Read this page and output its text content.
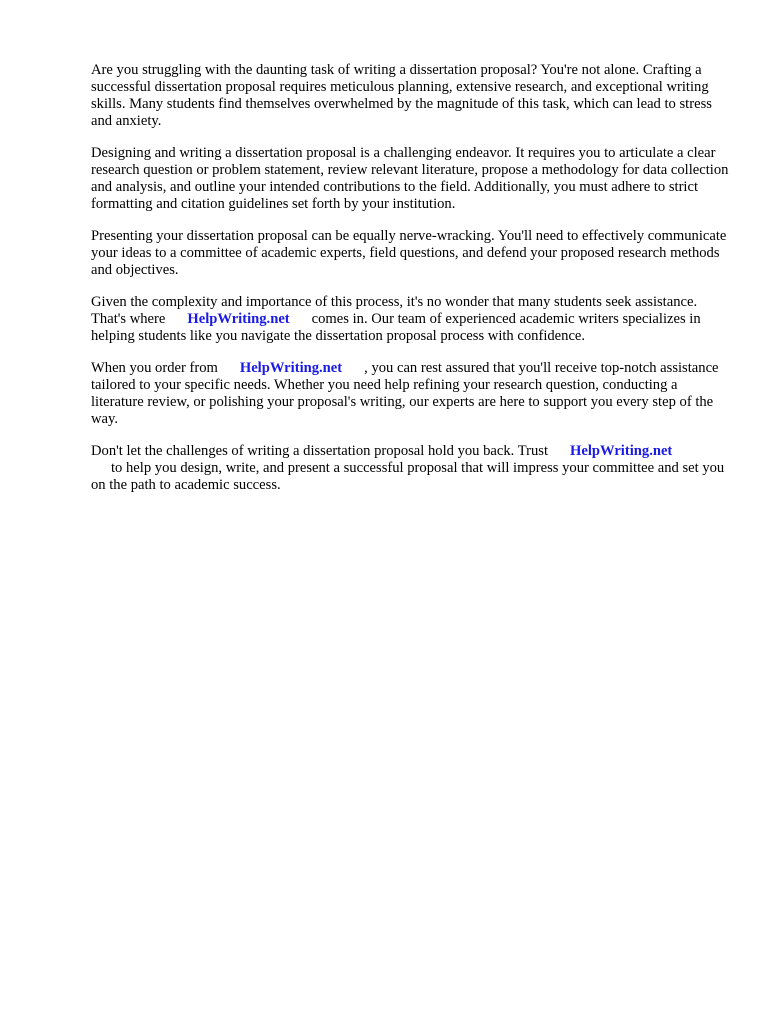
Are you struggling with the daunting task of writing a dissertation proposal? You're not alone. Crafting a successful dissertation proposal requires meticulous planning, extensive research, and exceptional writing skills. Many students find themselves overwhelmed by the magnitude of this task, which can lead to stress and anxiety.

Designing and writing a dissertation proposal is a challenging endeavor. It requires you to articulate a clear research question or problem statement, review relevant literature, propose a methodology for data collection and analysis, and outline your intended contributions to the field. Additionally, you must adhere to strict formatting and citation guidelines set forth by your institution.

Presenting your dissertation proposal can be equally nerve-wracking. You'll need to effectively communicate your ideas to a committee of academic experts, field questions, and defend your proposed research methods and objectives.

Given the complexity and importance of this process, it's no wonder that many students seek assistance. That's where HelpWriting.net comes in. Our team of experienced academic writers specializes in helping students like you navigate the dissertation proposal process with confidence.

When you order from HelpWriting.net , you can rest assured that you'll receive top-notch assistance tailored to your specific needs. Whether you need help refining your research question, conducting a literature review, or polishing your proposal's writing, our experts are here to support you every step of the way.

Don't let the challenges of writing a dissertation proposal hold you back. Trust HelpWriting.net
to help you design, write, and present a successful proposal that will impress your committee and set you on the path to academic success.
